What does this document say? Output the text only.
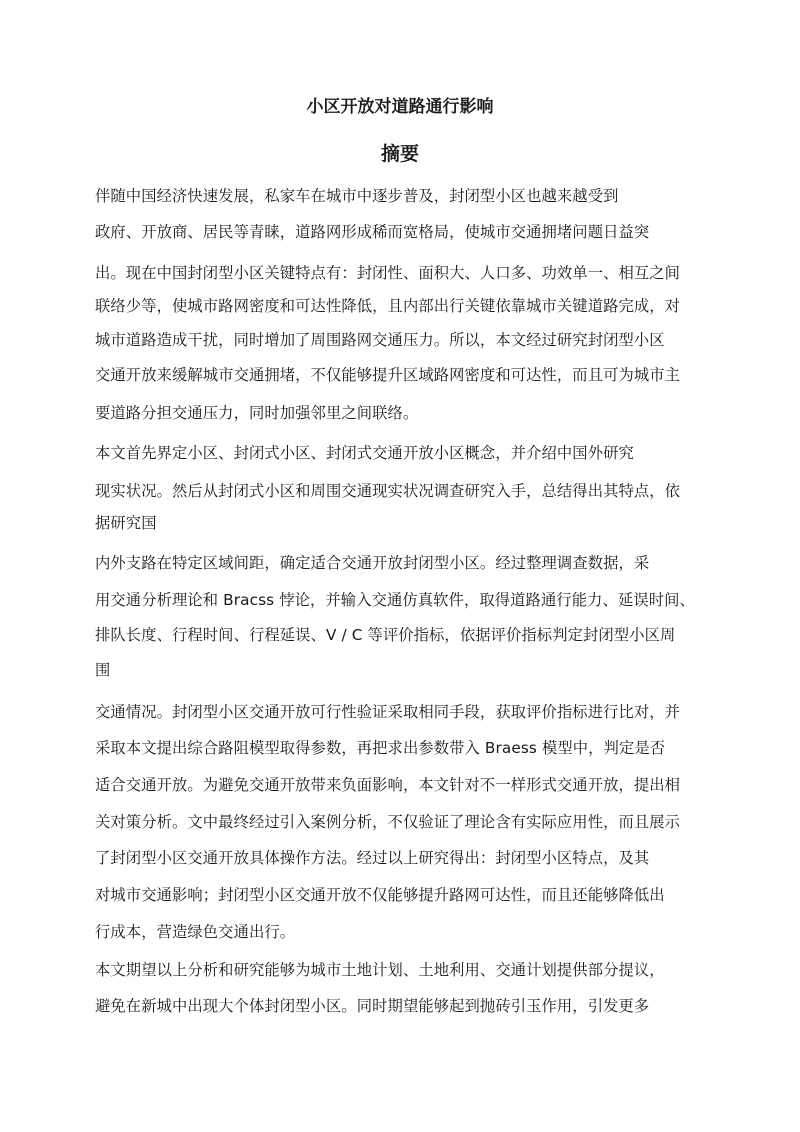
小区开放对道路通行影响
摘要
伴随中国经济快速发展，私家车在城市中逐步普及，封闭型小区也越来越受到
政府、开放商、居民等青睐，道路网形成稀而宽格局，使城市交通拥堵问题日益突
出。现在中国封闭型小区关键特点有：封闭性、面积大、人口多、功效单一、相互之间
联络少等，使城市路网密度和可达性降低，且内部出行关键依靠城市关键道路完成，对
城市道路造成干扰，同时增加了周围路网交通压力。所以，本文经过研究封闭型小区
交通开放来缓解城市交通拥堵，不仅能够提升区域路网密度和可达性，而且可为城市主
要道路分担交通压力，同时加强邻里之间联络。
本文首先界定小区、封闭式小区、封闭式交通开放小区概念，并介绍中国外研究
现实状况。然后从封闭式小区和周围交通现实状况调查研究入手，总结得出其特点，依
据研究国
内外支路在特定区域间距，确定适合交通开放封闭型小区。经过整理调查数据，采
用交通分析理论和 Bracss 悖论，并输入交通仿真软件，取得道路通行能力、延误时间、
排队长度、行程时间、行程延误、V / C 等评价指标，依据评价指标判定封闭型小区周
围
交通情况。封闭型小区交通开放可行性验证采取相同手段，获取评价指标进行比对，并
采取本文提出综合路阻模型取得参数，再把求出参数带入 Braess 模型中，判定是否
适合交通开放。为避免交通开放带来负面影响，本文针对不一样形式交通开放，提出相
关对策分析。文中最终经过引入案例分析，不仅验证了理论含有实际应用性，而且展示
了封闭型小区交通开放具体操作方法。经过以上研究得出：封闭型小区特点，及其
对城市交通影响；封闭型小区交通开放不仅能够提升路网可达性，而且还能够降低出
行成本，营造绿色交通出行。
本文期望以上分析和研究能够为城市土地计划、土地利用、交通计划提供部分提议，
避免在新城中出现大个体封闭型小区。同时期望能够起到抛砖引玉作用，引发更多
